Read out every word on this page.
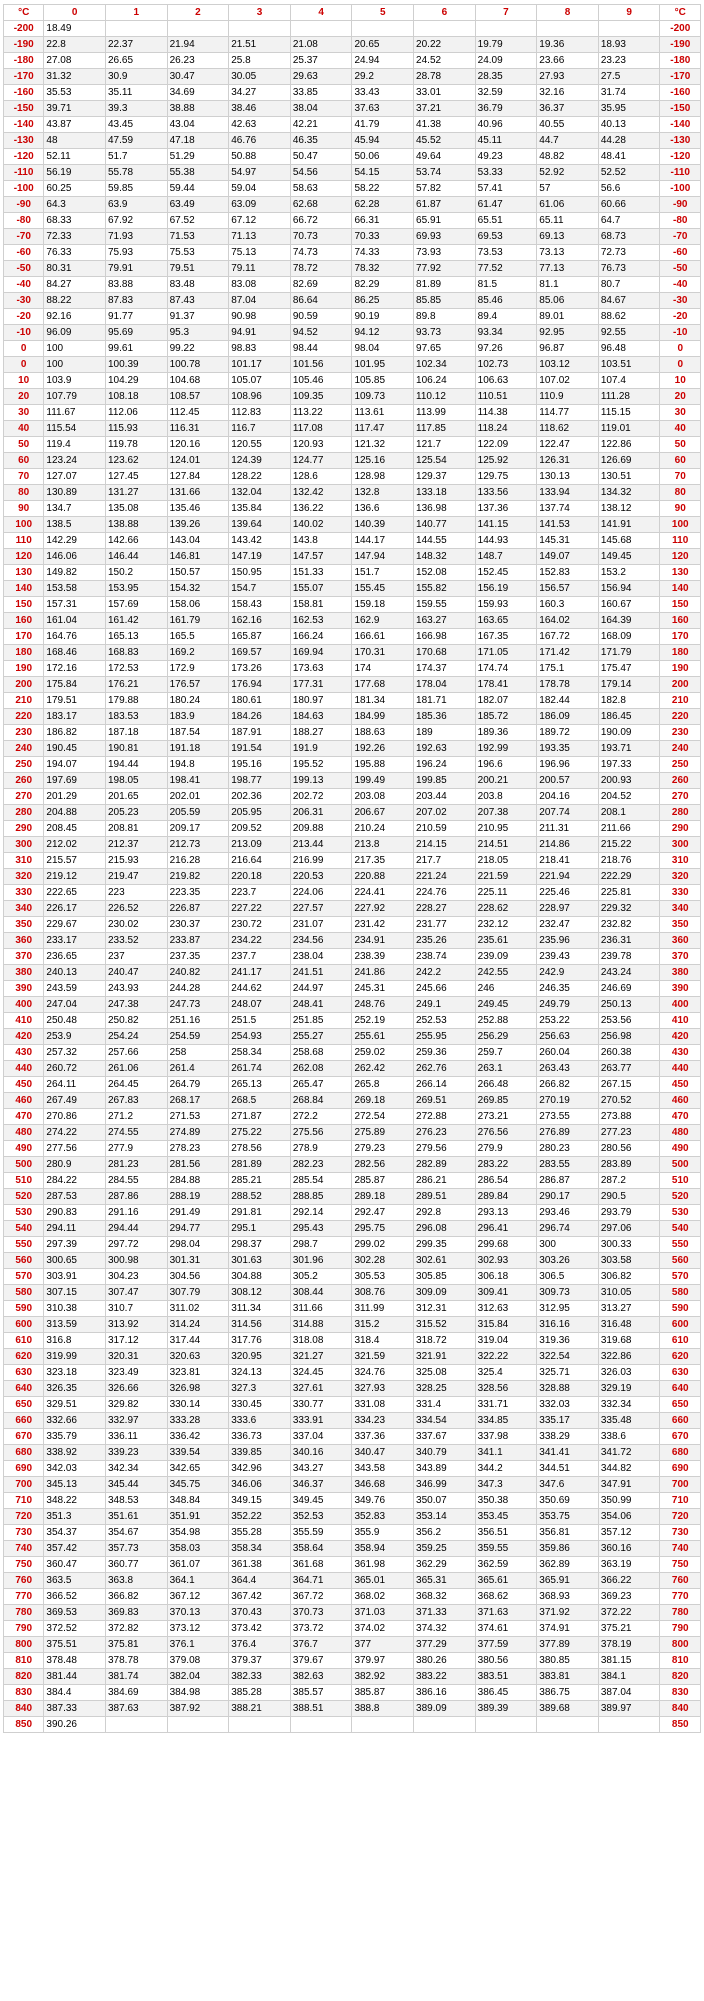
°C	0	1	2	3	4	5	6	7	8	9	°C
-200	18.49										-200
-190	22.8	22.37	21.94	21.51	21.08	20.65	20.22	19.79	19.36	18.93	-190
-180	27.08	26.65	26.23	25.8	25.37	24.94	24.52	24.09	23.66	23.23	-180
-170	31.32	30.9	30.47	30.05	29.63	29.2	28.78	28.35	27.93	27.5	-170
-160	35.53	35.11	34.69	34.27	33.85	33.43	33.01	32.59	32.16	31.74	-160
-150	39.71	39.3	38.88	38.46	38.04	37.63	37.21	36.79	36.37	35.95	-150
-140	43.87	43.45	43.04	42.63	42.21	41.79	41.38	40.96	40.55	40.13	-140
-130	48	47.59	47.18	46.76	46.35	45.94	45.52	45.11	44.7	44.28	-130
-120	52.11	51.7	51.29	50.88	50.47	50.06	49.64	49.23	48.82	48.41	-120
-110	56.19	55.78	55.38	54.97	54.56	54.15	53.74	53.33	52.92	52.52	-110
-100	60.25	59.85	59.44	59.04	58.63	58.22	57.82	57.41	57	56.6	-100
-90	64.3	63.9	63.49	63.09	62.68	62.28	61.87	61.47	61.06	60.66	-90
-80	68.33	67.92	67.52	67.12	66.72	66.31	65.91	65.51	65.11	64.7	-80
-70	72.33	71.93	71.53	71.13	70.73	70.33	69.93	69.53	69.13	68.73	-70
-60	76.33	75.93	75.53	75.13	74.73	74.33	73.93	73.53	73.13	72.73	-60
-50	80.31	79.91	79.51	79.11	78.72	78.32	77.92	77.52	77.13	76.73	-50
-40	84.27	83.88	83.48	83.08	82.69	82.29	81.89	81.5	81.1	80.7	-40
-30	88.22	87.83	87.43	87.04	86.64	86.25	85.85	85.46	85.06	84.67	-30
-20	92.16	91.77	91.37	90.98	90.59	90.19	89.8	89.4	89.01	88.62	-20
-10	96.09	95.69	95.3	94.91	94.52	94.12	93.73	93.34	92.95	92.55	-10
0	100	99.61	99.22	98.83	98.44	98.04	97.65	97.26	96.87	96.48	0
0	100	100.39	100.78	101.17	101.56	101.95	102.34	102.73	103.12	103.51	0
10	103.9	104.29	104.68	105.07	105.46	105.85	106.24	106.63	107.02	107.4	10
20	107.79	108.18	108.57	108.96	109.35	109.73	110.12	110.51	110.9	111.28	20
30	111.67	112.06	112.45	112.83	113.22	113.61	113.99	114.38	114.77	115.15	30
40	115.54	115.93	116.31	116.7	117.08	117.47	117.85	118.24	118.62	119.01	40
50	119.4	119.78	120.16	120.55	120.93	121.32	121.7	122.09	122.47	122.86	50
60	123.24	123.62	124.01	124.39	124.77	125.16	125.54	125.92	126.31	126.69	60
70	127.07	127.45	127.84	128.22	128.6	128.98	129.37	129.75	130.13	130.51	70
80	130.89	131.27	131.66	132.04	132.42	132.8	133.18	133.56	133.94	134.32	80
90	134.7	135.08	135.46	135.84	136.22	136.6	136.98	137.36	137.74	138.12	90
100	138.5	138.88	139.26	139.64	140.02	140.39	140.77	141.15	141.53	141.91	100
110	142.29	142.66	143.04	143.42	143.8	144.17	144.55	144.93	145.31	145.68	110
120	146.06	146.44	146.81	147.19	147.57	147.94	148.32	148.7	149.07	149.45	120
130	149.82	150.2	150.57	150.95	151.33	151.7	152.08	152.45	152.83	153.2	130
140	153.58	153.95	154.32	154.7	155.07	155.45	155.82	156.19	156.57	156.94	140
150	157.31	157.69	158.06	158.43	158.81	159.18	159.55	159.93	160.3	160.67	150
160	161.04	161.42	161.79	162.16	162.53	162.9	163.27	163.65	164.02	164.39	160
170	164.76	165.13	165.5	165.87	166.24	166.61	166.98	167.35	167.72	168.09	170
180	168.46	168.83	169.2	169.57	169.94	170.31	170.68	171.05	171.42	171.79	180
190	172.16	172.53	172.9	173.26	173.63	174	174.37	174.74	175.1	175.47	190
200	175.84	176.21	176.57	176.94	177.31	177.68	178.04	178.41	178.78	179.14	200
210	179.51	179.88	180.24	180.61	180.97	181.34	181.71	182.07	182.44	182.8	210
220	183.17	183.53	183.9	184.26	184.63	184.99	185.36	185.72	186.09	186.45	220
230	186.82	187.18	187.54	187.91	188.27	188.63	189	189.36	189.72	190.09	230
240	190.45	190.81	191.18	191.54	191.9	192.26	192.63	192.99	193.35	193.71	240
250	194.07	194.44	194.8	195.16	195.52	195.88	196.24	196.6	196.96	197.33	250
260	197.69	198.05	198.41	198.77	199.13	199.49	199.85	200.21	200.57	200.93	260
270	201.29	201.65	202.01	202.36	202.72	203.08	203.44	203.8	204.16	204.52	270
280	204.88	205.23	205.59	205.95	206.31	206.67	207.02	207.38	207.74	208.1	280
290	208.45	208.81	209.17	209.52	209.88	210.24	210.59	210.95	211.31	211.66	290
300	212.02	212.37	212.73	213.09	213.44	213.8	214.15	214.51	214.86	215.22	300
310	215.57	215.93	216.28	216.64	216.99	217.35	217.7	218.05	218.41	218.76	310
320	219.12	219.47	219.82	220.18	220.53	220.88	221.24	221.59	221.94	222.29	320
330	222.65	223	223.35	223.7	224.06	224.41	224.76	225.11	225.46	225.81	330
340	226.17	226.52	226.87	227.22	227.57	227.92	228.27	228.62	228.97	229.32	340
350	229.67	230.02	230.37	230.72	231.07	231.42	231.77	232.12	232.47	232.82	350
360	233.17	233.52	233.87	234.22	234.56	234.91	235.26	235.61	235.96	236.31	360
370	236.65	237	237.35	237.7	238.04	238.39	238.74	239.09	239.43	239.78	370
380	240.13	240.47	240.82	241.17	241.51	241.86	242.2	242.55	242.9	243.24	380
390	243.59	243.93	244.28	244.62	244.97	245.31	245.66	246	246.35	246.69	390
400	247.04	247.38	247.73	248.07	248.41	248.76	249.1	249.45	249.79	250.13	400
410	250.48	250.82	251.16	251.5	251.85	252.19	252.53	252.88	253.22	253.56	410
420	253.9	254.24	254.59	254.93	255.27	255.61	255.95	256.29	256.63	256.98	420
430	257.32	257.66	258	258.34	258.68	259.02	259.36	259.7	260.04	260.38	430
440	260.72	261.06	261.4	261.74	262.08	262.42	262.76	263.1	263.43	263.77	440
450	264.11	264.45	264.79	265.13	265.47	265.8	266.14	266.48	266.82	267.15	450
460	267.49	267.83	268.17	268.5	268.84	269.18	269.51	269.85	270.19	270.52	460
470	270.86	271.2	271.53	271.87	272.2	272.54	272.88	273.21	273.55	273.88	470
480	274.22	274.55	274.89	275.22	275.56	275.89	276.23	276.56	276.89	277.23	480
490	277.56	277.9	278.23	278.56	278.9	279.23	279.56	279.9	280.23	280.56	490
500	280.9	281.23	281.56	281.89	282.23	282.56	282.89	283.22	283.55	283.89	500
510	284.22	284.55	284.88	285.21	285.54	285.87	286.21	286.54	286.87	287.2	510
520	287.53	287.86	288.19	288.52	288.85	289.18	289.51	289.84	290.17	290.5	520
530	290.83	291.16	291.49	291.81	292.14	292.47	292.8	293.13	293.46	293.79	530
540	294.11	294.44	294.77	295.1	295.43	295.75	296.08	296.41	296.74	297.06	540
550	297.39	297.72	298.04	298.37	298.7	299.02	299.35	299.68	300	300.33	550
560	300.65	300.98	301.31	301.63	301.96	302.28	302.61	302.93	303.26	303.58	560
570	303.91	304.23	304.56	304.88	305.2	305.53	305.85	306.18	306.5	306.82	570
580	307.15	307.47	307.79	308.12	308.44	308.76	309.09	309.41	309.73	310.05	580
590	310.38	310.7	311.02	311.34	311.66	311.99	312.31	312.63	312.95	313.27	590
600	313.59	313.92	314.24	314.56	314.88	315.2	315.52	315.84	316.16	316.48	600
610	316.8	317.12	317.44	317.76	318.08	318.4	318.72	319.04	319.36	319.68	610
620	319.99	320.31	320.63	320.95	321.27	321.59	321.91	322.22	322.54	322.86	620
630	323.18	323.49	323.81	324.13	324.45	324.76	325.08	325.4	325.71	326.03	630
640	326.35	326.66	326.98	327.3	327.61	327.93	328.25	328.56	328.88	329.19	640
650	329.51	329.82	330.14	330.45	330.77	331.08	331.4	331.71	332.03	332.34	650
660	332.66	332.97	333.28	333.6	333.91	334.23	334.54	334.85	335.17	335.48	660
670	335.79	336.11	336.42	336.73	337.04	337.36	337.67	337.98	338.29	338.6	670
680	338.92	339.23	339.54	339.85	340.16	340.47	340.79	341.1	341.41	341.72	680
690	342.03	342.34	342.65	342.96	343.27	343.58	343.89	344.2	344.51	344.82	690
700	345.13	345.44	345.75	346.06	346.37	346.68	346.99	347.3	347.6	347.91	700
710	348.22	348.53	348.84	349.15	349.45	349.76	350.07	350.38	350.69	350.99	710
720	351.3	351.61	351.91	352.22	352.53	352.83	353.14	353.45	353.75	354.06	720
730	354.37	354.67	354.98	355.28	355.59	355.9	356.2	356.51	356.81	357.12	730
740	357.42	357.73	358.03	358.34	358.64	358.94	359.25	359.55	359.86	360.16	740
750	360.47	360.77	361.07	361.38	361.68	361.98	362.29	362.59	362.89	363.19	750
760	363.5	363.8	364.1	364.4	364.71	365.01	365.31	365.61	365.91	366.22	760
770	366.52	366.82	367.12	367.42	367.72	368.02	368.32	368.62	368.93	369.23	770
780	369.53	369.83	370.13	370.43	370.73	371.03	371.33	371.63	371.92	372.22	780
790	372.52	372.82	373.12	373.42	373.72	374.02	374.32	374.61	374.91	375.21	790
800	375.51	375.81	376.1	376.4	376.7	377	377.29	377.59	377.89	378.19	800
810	378.48	378.78	379.08	379.37	379.67	379.97	380.26	380.56	380.85	381.15	810
820	381.44	381.74	382.04	382.33	382.63	382.92	383.22	383.51	383.81	384.1	820
830	384.4	384.69	384.98	385.28	385.57	385.87	386.16	386.45	386.75	387.04	830
840	387.33	387.63	387.92	388.21	388.51	388.8	389.09	389.39	389.68	389.97	840
850	390.26										850
